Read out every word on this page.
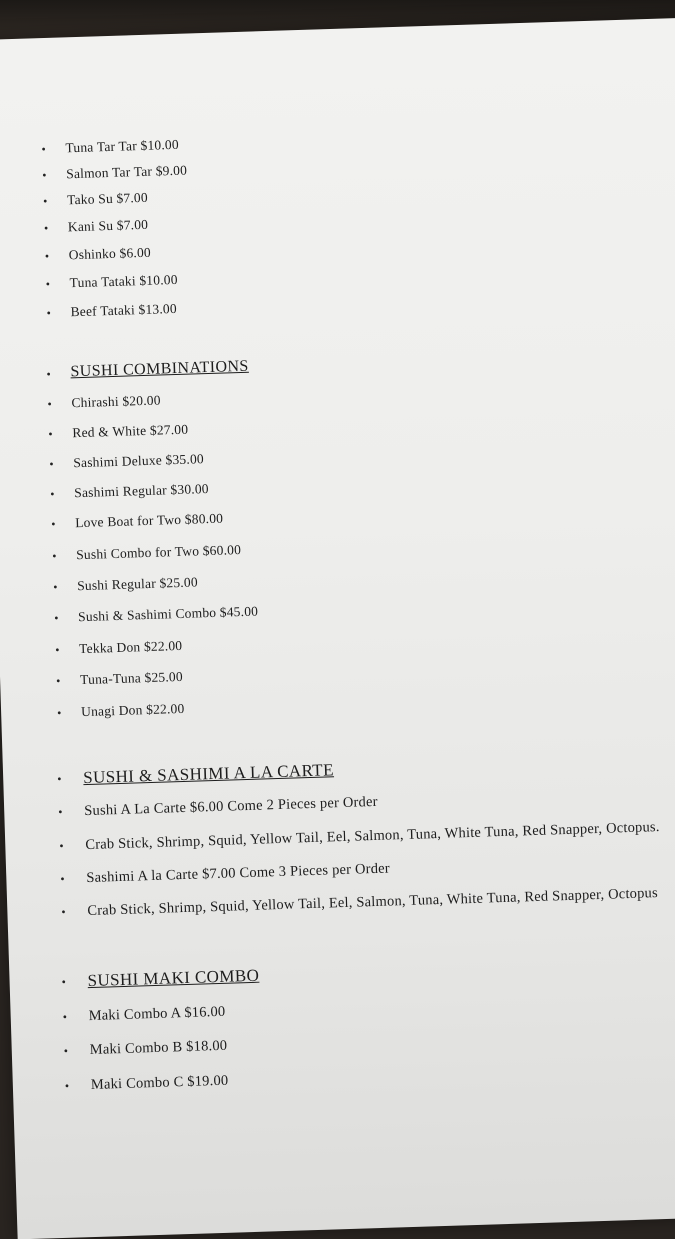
• Tuna Tar Tar $10.00
• Salmon Tar Tar $9.00
• Tako Su $7.00
• Kani Su $7.00
• Oshinko $6.00
• Tuna Tataki $10.00
• Beef Tataki $13.00
• SUSHI COMBINATIONS
• Chirashi $20.00
• Red & White $27.00
• Sashimi Deluxe $35.00
• Sashimi Regular $30.00
• Love Boat for Two $80.00
• Sushi Combo for Two $60.00
• Sushi Regular $25.00
• Sushi & Sashimi Combo $45.00
• Tekka Don $22.00
• Tuna-Tuna $25.00
• Unagi Don $22.00
• SUSHI & SASHIMI A LA CARTE
• Sushi A La Carte $6.00 Come 2 Pieces per Order
• Crab Stick, Shrimp, Squid, Yellow Tail, Eel, Salmon, Tuna, White Tuna, Red Snapper, Octopus.
• Sashimi A la Carte $7.00 Come 3 Pieces per Order
• Crab Stick, Shrimp, Squid, Yellow Tail, Eel, Salmon, Tuna, White Tuna, Red Snapper, Octopus
• SUSHI MAKI COMBO
• Maki Combo A $16.00
• Maki Combo B $18.00
• Maki Combo C $19.00
